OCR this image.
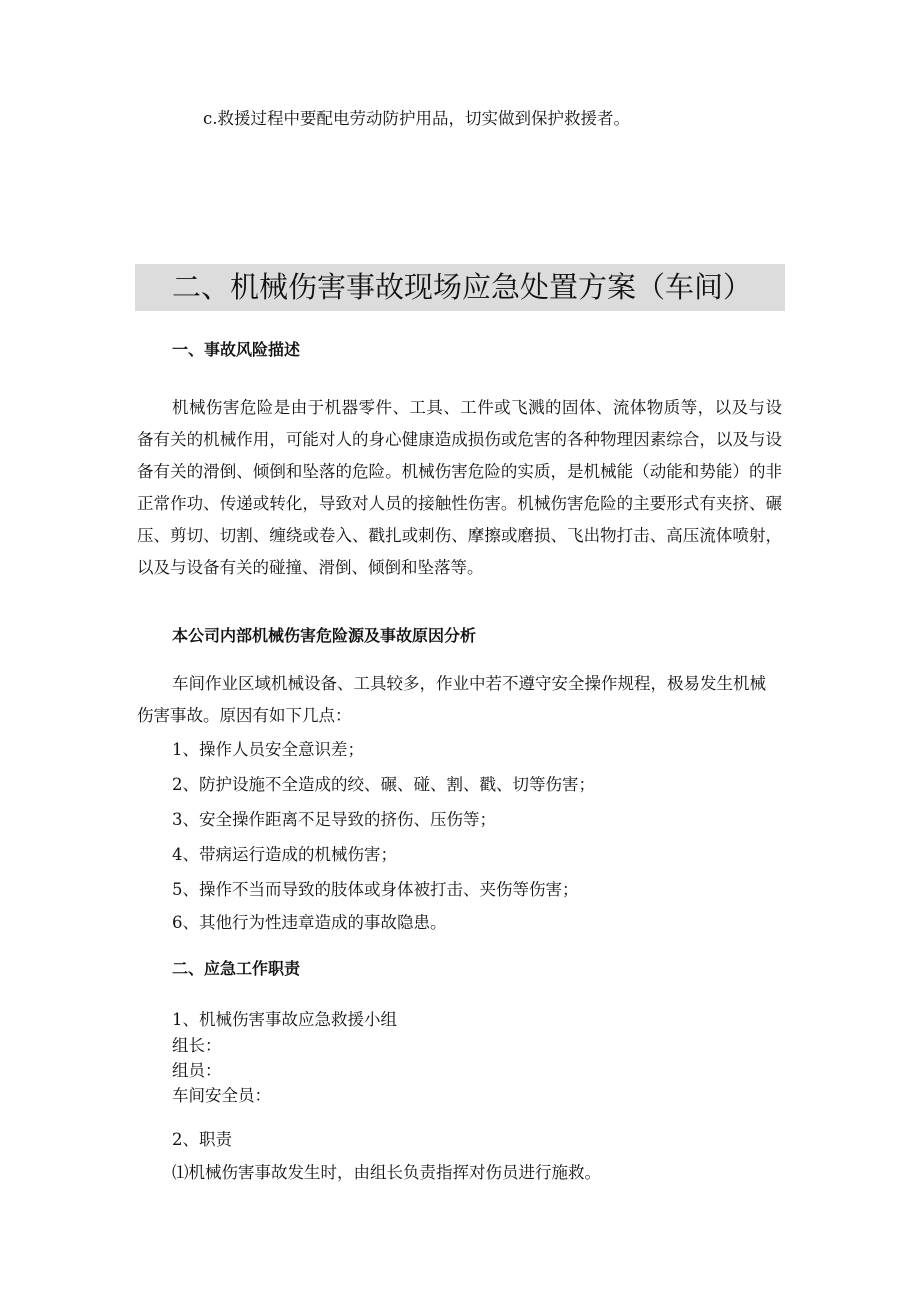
c.救援过程中要配电劳动防护用品，切实做到保护救援者。
二、机械伤害事故现场应急处置方案（车间）
一、事故风险描述

机械伤害危险是由于机器零件、工具、工件或飞溅的固体、流体物质等，以及与设备有关的机械作用，可能对人的身心健康造成损伤或危害的各种物理因素综合，以及与设备有关的滑倒、倾倒和坠落的危险。机械伤害危险的实质，是机械能（动能和势能）的非正常作功、传递或转化，导致对人员的接触性伤害。机械伤害危险的主要形式有夹挤、碾压、剪切、切割、缠绕或卷入、戳扎或刺伤、摩擦或磨损、飞出物打击、高压流体喷射，以及与设备有关的碰撞、滑倒、倾倒和坠落等。

本公司内部机械伤害危险源及事故原因分析
车间作业区域机械设备、工具较多，作业中若不遵守安全操作规程，极易发生机械
伤害事故。原因有如下几点：
1、操作人员安全意识差；
2、防护设施不全造成的绞、碾、碰、割、戳、切等伤害；
3、安全操作距离不足导致的挤伤、压伤等；
4、带病运行造成的机械伤害；
5、操作不当而导致的肢体或身体被打击、夹伤等伤害；
6、其他行为性违章造成的事故隐患。
二、应急工作职责
1、机械伤害事故应急救援小组
组长：
组员：
车间安全员：
2、职责
⑴机械伤害事故发生时，由组长负责指挥对伤员进行施救。
